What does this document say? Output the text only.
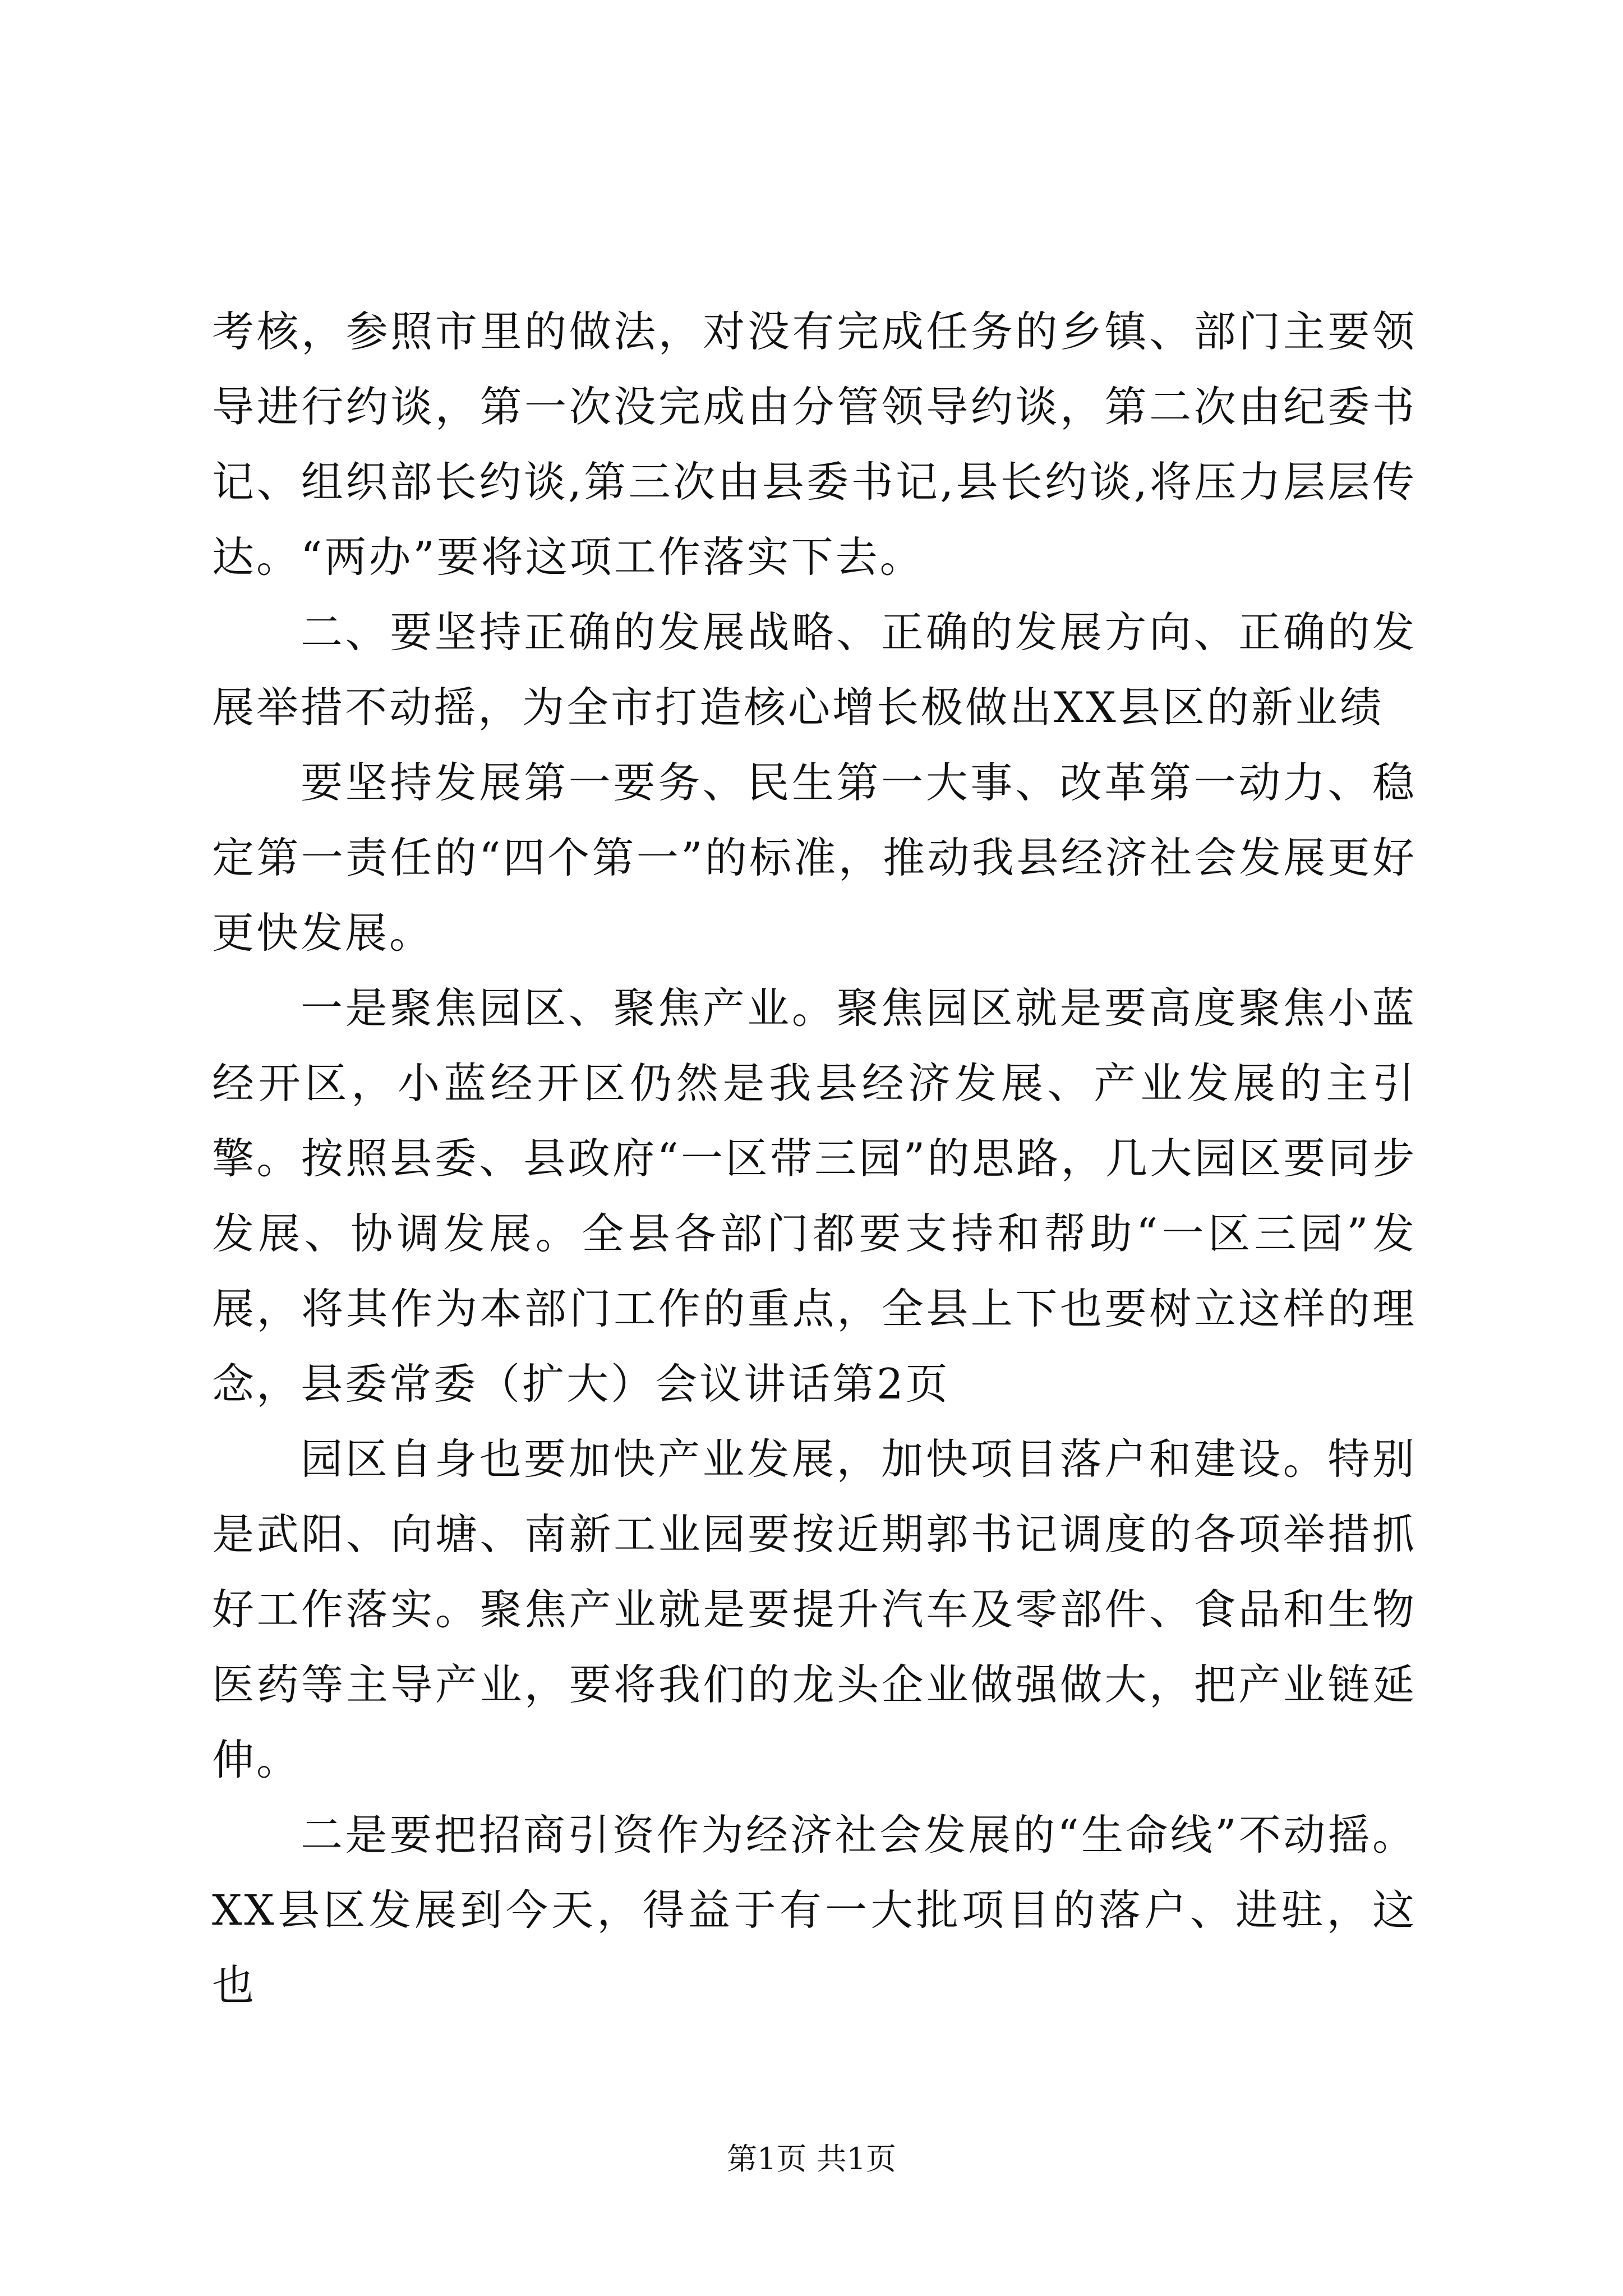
考核，参照市里的做法，对没有完成任务的乡镇、部门主要领导进行约谈，第一次没完成由分管领导约谈，第二次由纪委书记、组织部长约谈,第三次由县委书记,县长约谈,将压力层层传达。“两办”要将这项工作落实下去。

二、要坚持正确的发展战略、正确的发展方向、正确的发展举措不动摇，为全市打造核心增长极做出XX县区的新业绩

要坚持发展第一要务、民生第一大事、改革第一动力、稳定第一责任的“四个第一”的标准，推动我县经济社会发展更好更快发展。

一是聚焦园区、聚焦产业。聚焦园区就是要高度聚焦小蓝经开区，小蓝经开区仍然是我县经济发展、产业发展的主引擎。按照县委、县政府“一区带三园”的思路，几大园区要同步发展、协调发展。全县各部门都要支持和帮助“一区三园”发展，将其作为本部门工作的重点，全县上下也要树立这样的理念，县委常委（扩大）会议讲话第2页

园区自身也要加快产业发展，加快项目落户和建设。特别是武阳、向塘、南新工业园要按近期郭书记调度的各项举措抓好工作落实。聚焦产业就是要提升汽车及零部件、食品和生物医药等主导产业，要将我们的龙头企业做强做大，把产业链延伸。

二是要把招商引资作为经济社会发展的“生命线”不动摇。XX县区发展到今天，得益于有一大批项目的落户、进驻，这也

第1页 共1页
